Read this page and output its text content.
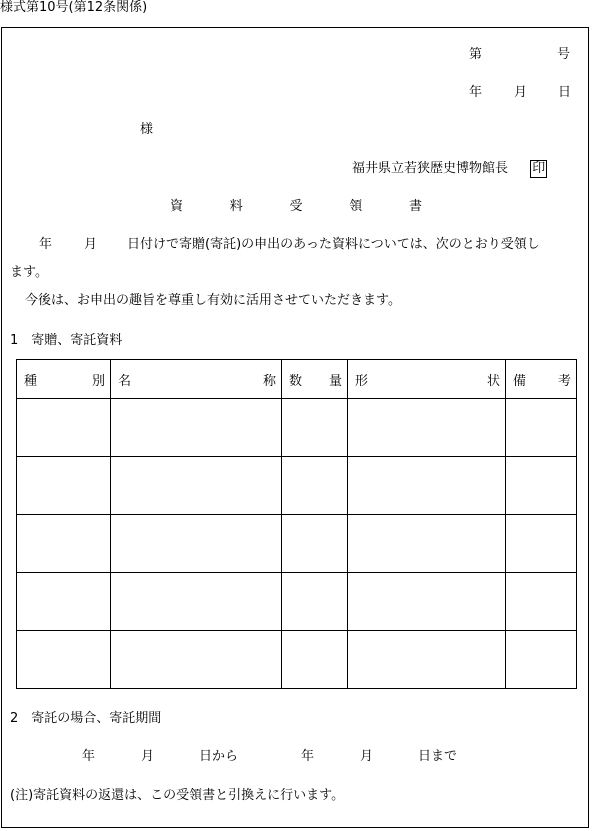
様式第10号(第12条関係)
第	号
年 月 日
様
福井県立若狭歴史博物館長 印
資	料	受	領	書
年 月 日付けで寄贈(寄託)の申出のあった資料については、次のとおり受領し
ます。
今後は、お申出の趣旨を尊重し有効に活用させていただきます。
1　寄贈、寄託資料
種 別	名 称	数 量	形 状	備 考

2　寄託の場合、寄託期間
年	月	日から	年	月	日まで
(注)寄託資料の返還は、この受領書と引換えに行います。
